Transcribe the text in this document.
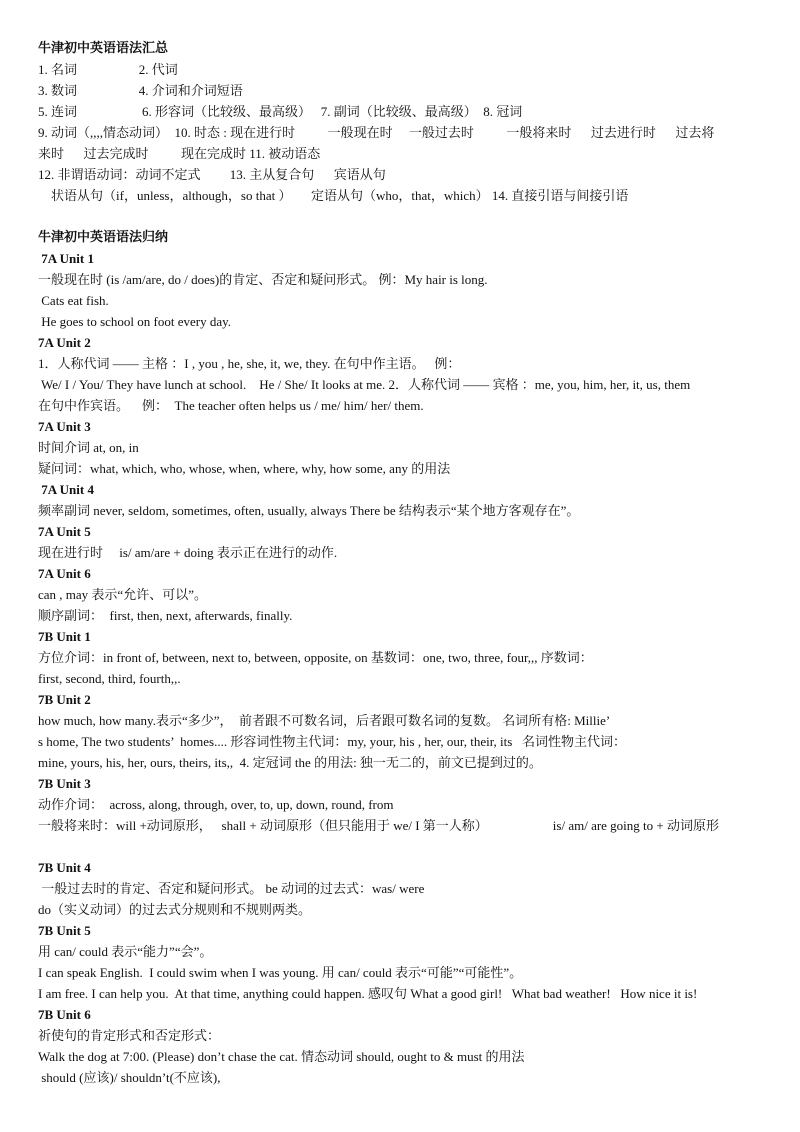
牛津初中英语语法汇总
1. 名词                   2. 代词
3. 数词                   4. 介词和介词短语
5. 连词                    6. 形容词（比较级、最高级）   7. 副词（比较级、最高级）  8. 冠词
9. 动词（,,,,情态动词）  10. 时态 : 现在进行时          一般现在时     一般过去时          一般将来时      过去进行时      过去将
来时      过去完成时          现在完成时 11. 被动语态
12. 非谓语动词：动词不定式         13. 主从复合句      宾语从句
状语从句（if，unless，although，so that ）      定语从句（who，that，which） 14. 直接引语与间接引语
牛津初中英语语法归纳
7A Unit 1
一般现在时 (is /am/are, do / does)的肯定、否定和疑问形式。 例：My hair is long.
Cats eat fish.
He goes to school on foot every day.
7A Unit 2
1．人称代词 —— 主格 ：I , you , he, she, it, we, they. 在句中作主语。   例：
We/ I / You/ They have lunch at school.    He / She/ It looks at me. 2．人称代词 —— 宾格 ：me, you, him, her, it, us, them
在句中作宾语。    例：  The teacher often helps us / me/ him/ her/ them.
7A Unit 3
时间介词 at, on, in
疑问词：what, which, who, whose, when, where, why, how some, any 的用法
7A Unit 4
频率副词 never, seldom, sometimes, often, usually, always There be 结构表示“某个地方客观存在”。
7A Unit 5
现在进行时     is/ am/are + doing 表示正在进行的动作.
7A Unit 6
can , may 表示“允许、可以”。
顺序副词：  first, then, next, afterwards, finally.
7B Unit 1
方位介词：in front of, between, next to, between, opposite, on 基数词：one, two, three, four,,, 序数词：
first, second, third, fourth,,.
7B Unit 2
how much, how many.表示“多少”，  前者跟不可数名词，后者跟可数名词的复数。 名词所有格: Millie’
s home, The two students’  homes.... 形容词性物主代词：my, your, his , her, our, their, its   名词性物主代词：
mine, yours, his, her, ours, theirs, its,,  4. 定冠词 the 的用法: 独一无二的，前文已提到过的。
7B Unit 3
动作介词：  across, along, through, over, to, up, down, round, from
一般将来时：will +动词原形，   shall + 动词原形（但只能用于 we/ I 第一人称）                    is/ am/ are going to + 动词原形
7B Unit 4
一般过去时的肯定、否定和疑问形式。 be 动词的过去式：was/ were
do（实义动词）的过去式分规则和不规则两类。
7B Unit 5
用 can/ could 表示“能力”“会”。
I can speak English.  I could swim when I was young. 用 can/ could 表示“可能”“可能性”。
I am free. I can help you.  At that time, anything could happen. 感叹句 What a good girl!   What bad weather!   How nice it is!
7B Unit 6
祈使句的肯定形式和否定形式：
Walk the dog at 7:00. (Please) don’t chase the cat. 情态动词 should, ought to & must 的用法
should (应该)/ shouldn’t(不应该),
